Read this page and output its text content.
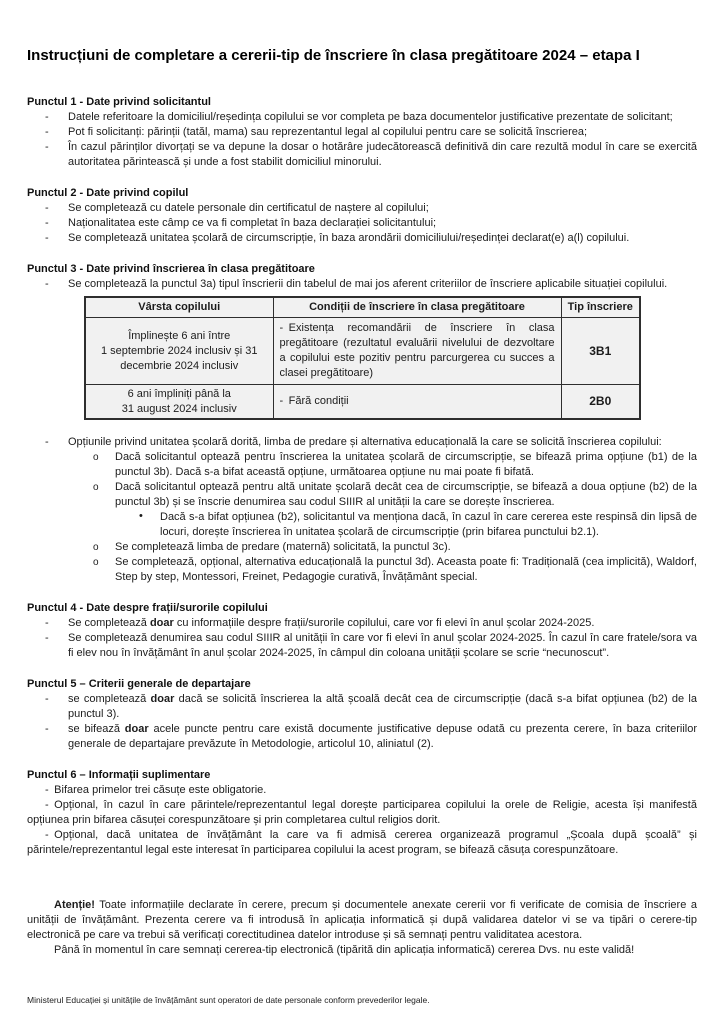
Instrucțiuni de completare a cererii-tip de înscriere în clasa pregătitoare 2024 – etapa I
Punctul 1 - Date privind solicitantul
- Datele referitoare la domiciliul/reședința copilului se vor completa pe baza documentelor justificative prezentate de solicitant;
- Pot fi solicitanți: părinții (tatăl, mama) sau reprezentantul legal al copilului pentru care se solicită înscrierea;
- În cazul părinților divorțați se va depune la dosar o hotărâre judecătorească definitivă din care rezultă modul în care se exercită autoritatea părintească și unde a fost stabilit domiciliul minorului.
Punctul 2 - Date privind copilul
- Se completează cu datele personale din certificatul de naștere al copilului;
- Naționalitatea este câmp ce va fi completat în baza declarației solicitantului;
- Se completează unitatea școlară de circumscripție, în baza arondării domiciliului/reședinței declarat(e) a(l) copilului.
Punctul 3 - Date privind înscrierea în clasa pregătitoare
- Se completează la punctul 3a) tipul înscrierii din tabelul de mai jos aferent criteriilor de înscriere aplicabile situației copilului.
Vârsta copilului	Condiții de înscriere în clasa pregătitoare	Tip înscriere
Împlinește 6 ani între
1 septembrie 2024 inclusiv și 31
decembrie 2024 inclusiv	- Existența recomandării de înscriere în clasa pregătitoare (rezultatul evaluării nivelului de dezvoltare a copilului este pozitiv pentru parcurgerea cu succes a clasei pregătitoare)	3B1
6 ani împliniți până la
31 august 2024 inclusiv	- Fără condiții	2B0
- Opțiunile privind unitatea școlară dorită, limba de predare și alternativa educațională la care se solicită înscrierea copilului:
o Dacă solicitantul optează pentru înscrierea la unitatea școlară de circumscripție, se bifează prima opțiune (b1) de la punctul 3b). Dacă s-a bifat această opțiune, următoarea opțiune nu mai poate fi bifată.
o Dacă solicitantul optează pentru altă unitate școlară decât cea de circumscripție, se bifează a doua opțiune (b2) de la punctul 3b) și se înscrie denumirea sau codul SIIIR al unității la care se dorește înscrierea.
• Dacă s-a bifat opțiunea (b2), solicitantul va menționa dacă, în cazul în care cererea este respinsă din lipsă de locuri, dorește înscrierea în unitatea școlară de circumscripție (prin bifarea punctului b2.1).
o Se completează limba de predare (maternă) solicitată, la punctul 3c).
o Se completează, opțional, alternativa educațională la punctul 3d). Aceasta poate fi: Tradițională (cea implicită), Waldorf, Step by step, Montessori, Freinet, Pedagogie curativă, Învățământ special.
Punctul 4 - Date despre frații/surorile copilului
- Se completează doar cu informațiile despre frații/surorile copilului, care vor fi elevi în anul școlar 2024-2025.
- Se completează denumirea sau codul SIIIR al unității în care vor fi elevi în anul școlar 2024-2025. În cazul în care fratele/sora va fi elev nou în învățământ în anul școlar 2024-2025, în câmpul din coloana unității școlare se scrie “necunoscut”.
Punctul 5 – Criterii generale de departajare
- se completează doar dacă se solicită înscrierea la altă școală decât cea de circumscripție (dacă s-a bifat opțiunea (b2) de la punctul 3).
- se bifează doar acele puncte pentru care există documente justificative depuse odată cu prezenta cerere, în baza criteriilor generale de departajare prevăzute în Metodologie, articolul 10, aliniatul (2).
Punctul 6 – Informații suplimentare

- Bifarea primelor trei căsuțe este obligatorie.

- Opțional, în cazul în care părintele/reprezentantul legal dorește participarea copilului la orele de Religie, acesta își manifestă opțiunea prin bifarea căsuței corespunzătoare și prin completarea cultul religios dorit.

- Opțional, dacă unitatea de învățământ la care va fi admisă cererea organizează programul „Școala după școală” și părintele/reprezentantul legal este interesat în participarea copilului la acest program, se bifează căsuța corespunzătoare.

Atenție! Toate informațiile declarate în cerere, precum și documentele anexate cererii vor fi verificate de comisia de înscriere a unității de învățământ. Prezenta cerere va fi introdusă în aplicația informatică și după validarea datelor vi se va tipări o cerere-tip electronică pe care va trebui să verificați corectitudinea datelor introduse și să semnați pentru validitatea acestora.

Până în momentul în care semnați cererea-tip electronică (tipărită din aplicația informatică) cererea Dvs. nu este validă!

Ministerul Educației și unitățile de învățământ sunt operatori de date personale conform prevederilor legale.
